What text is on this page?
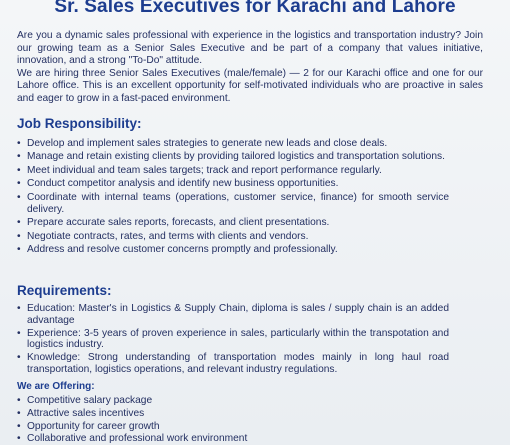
Sr. Sales Executives for Karachi and Lahore

Are you a dynamic sales professional with experience in the logistics and transportation industry? Join our growing team as a Senior Sales Executive and be part of a company that values initiative, innovation, and a strong "To-Do" attitude.

We are hiring three Senior Sales Executives (male/female) — 2 for our Karachi office and one for our Lahore office. This is an excellent opportunity for self-motivated individuals who are proactive in sales and eager to grow in a fast-paced environment.

Job Responsibility:
• Develop and implement sales strategies to generate new leads and close deals.
• Manage and retain existing clients by providing tailored logistics and transportation solutions.
• Meet individual and team sales targets; track and report performance regularly.
• Conduct competitor analysis and identify new business opportunities.
• Coordinate with internal teams (operations, customer service, finance) for smooth service delivery.
• Prepare accurate sales reports, forecasts, and client presentations.
• Negotiate contracts, rates, and terms with clients and vendors.
• Address and resolve customer concerns promptly and professionally.
Requirements:
• Education: Master's in Logistics & Supply Chain, diploma is sales / supply chain is an added advantage
• Experience: 3-5 years of proven experience in sales, particularly within the transpotation and logistics industry.
• Knowledge: Strong understanding of transportation modes mainly in long haul road transportation, logistics operations, and relevant industry regulations.
We are Offering:
• Competitive salary package
• Attractive sales incentives
• Opportunity for career growth
• Collaborative and professional work environment
